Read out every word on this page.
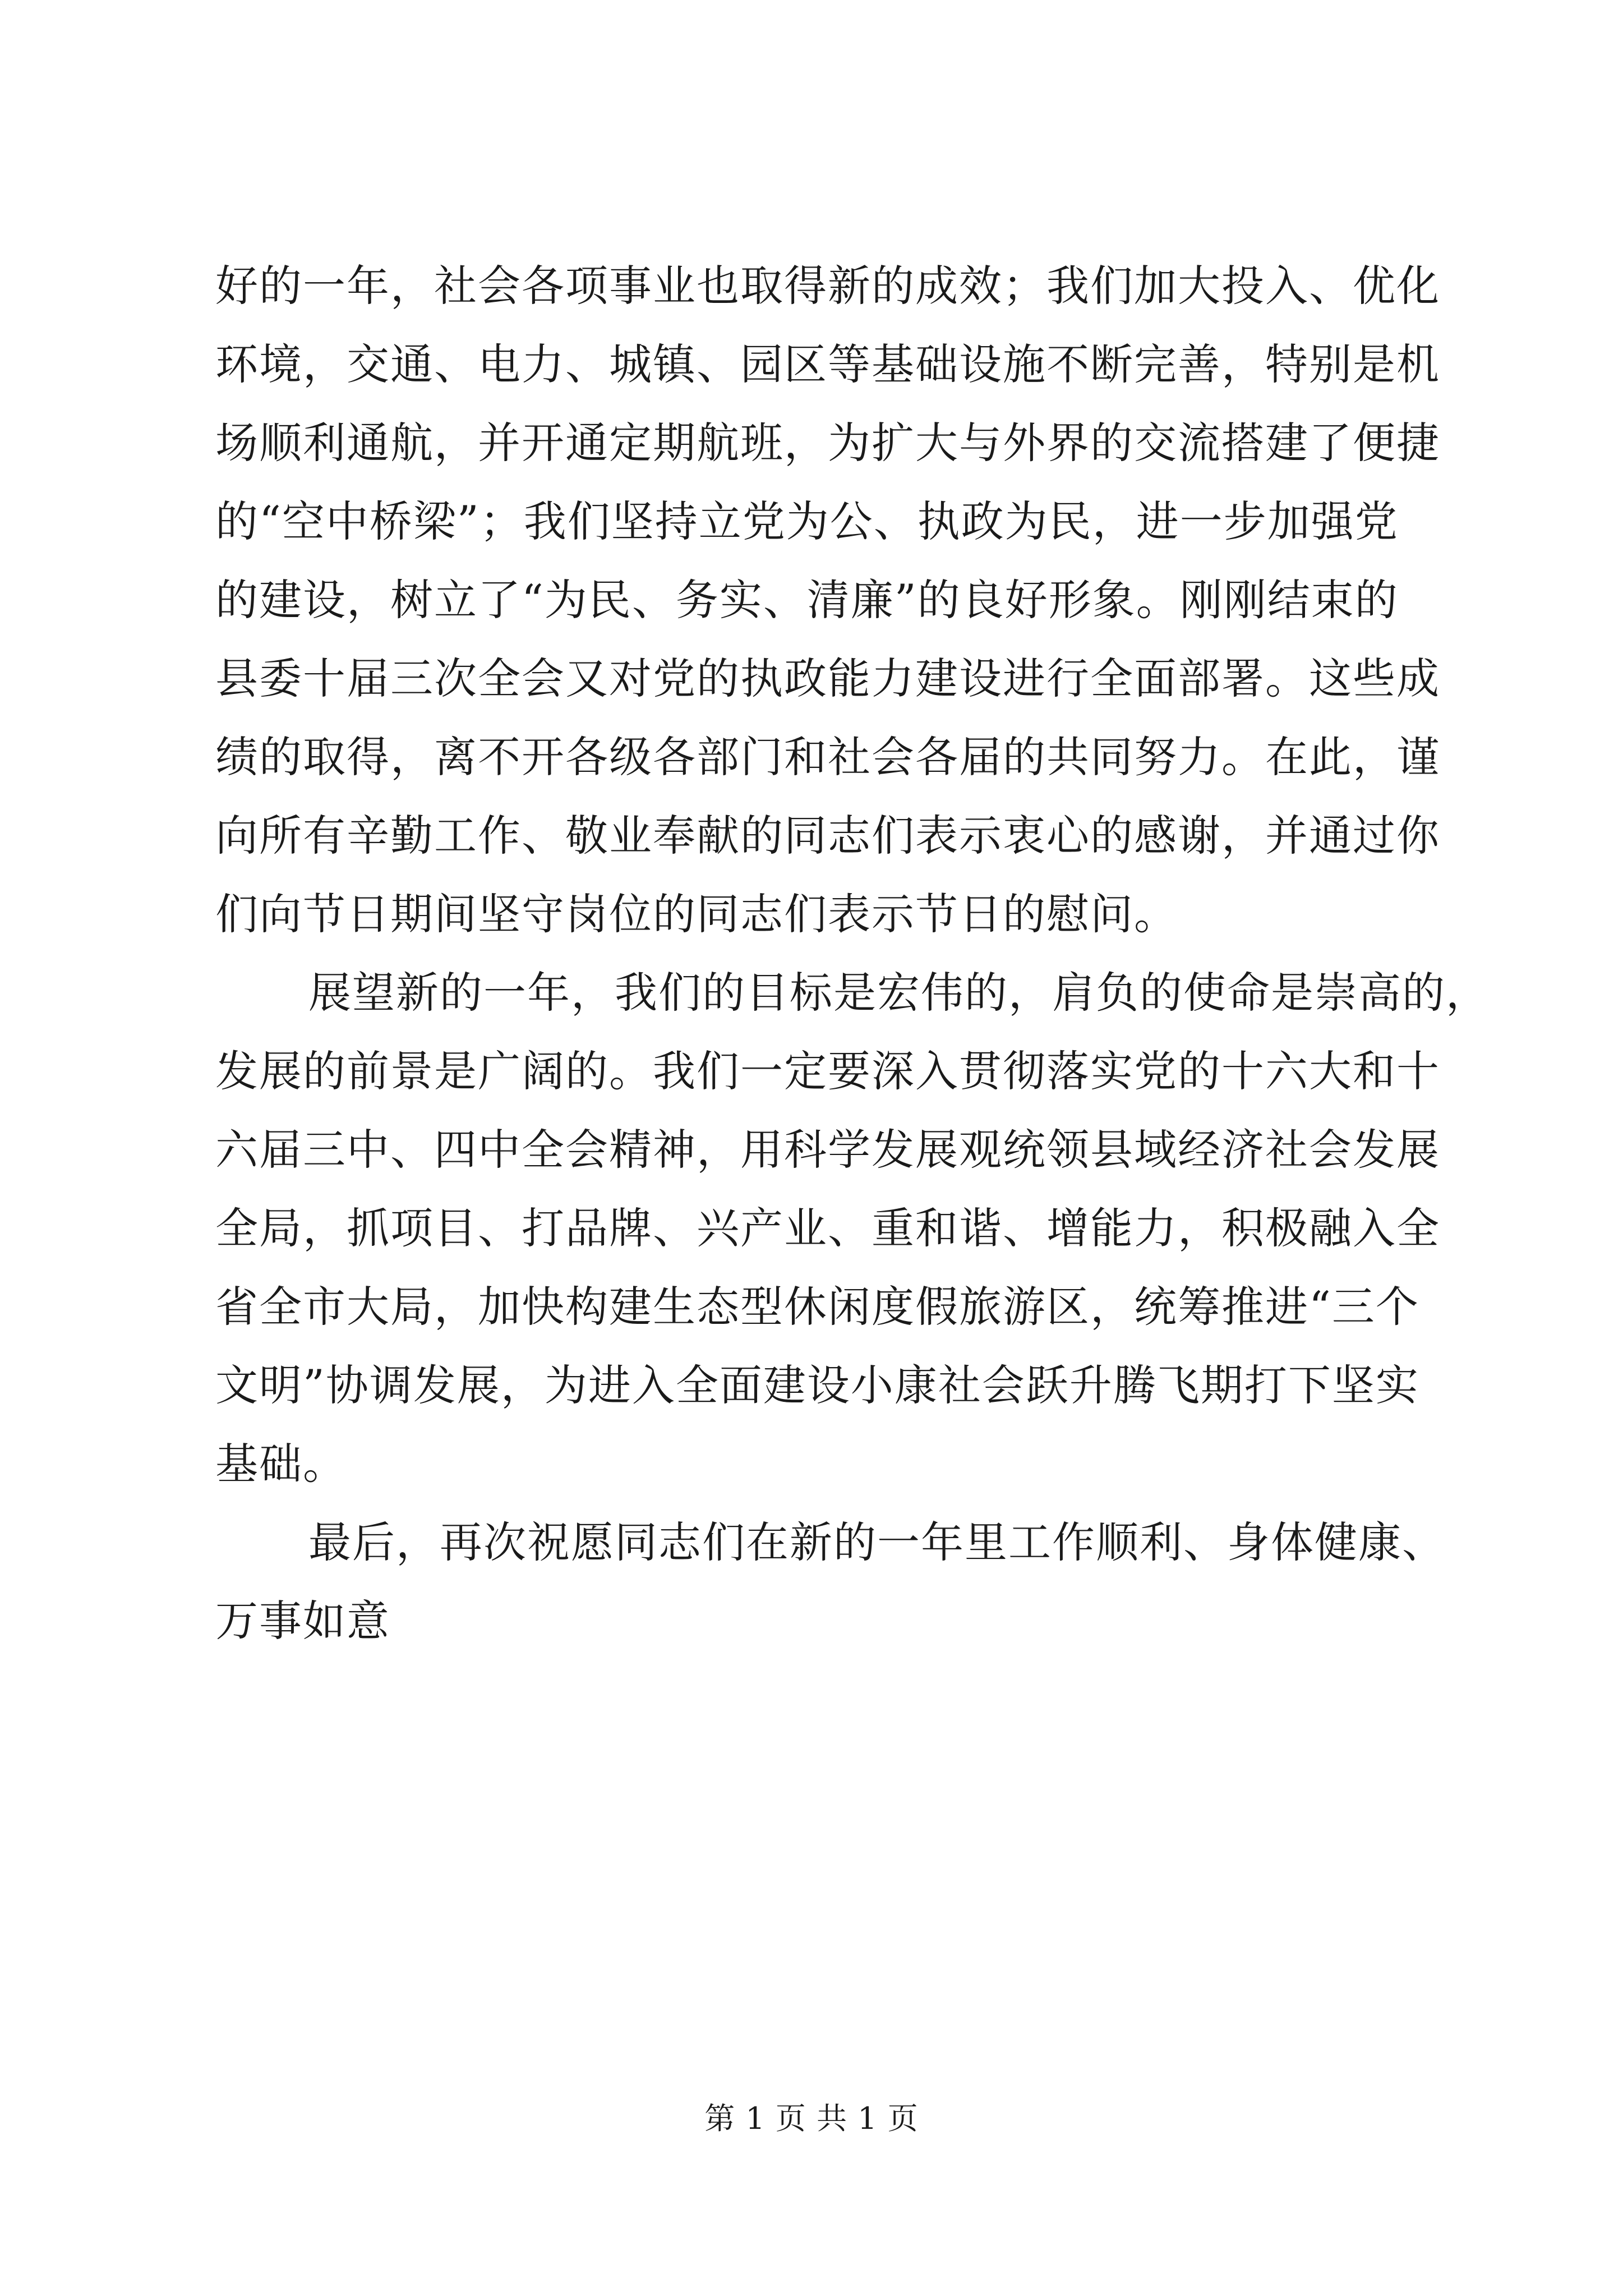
好的一年，社会各项事业也取得新的成效；我们加大投入、优化
环境，交通、电力、城镇、园区等基础设施不断完善，特别是机
场顺利通航，并开通定期航班，为扩大与外界的交流搭建了便捷
的“空中桥梁”；我们坚持立党为公、执政为民，进一步加强党
的建设，树立了“为民、务实、清廉”的良好形象。刚刚结束的
县委十届三次全会又对党的执政能力建设进行全面部署。这些成
绩的取得，离不开各级各部门和社会各届的共同努力。在此，谨
向所有辛勤工作、敬业奉献的同志们表示衷心的感谢，并通过你
们向节日期间坚守岗位的同志们表示节日的慰问。
展望新的一年，我们的目标是宏伟的，肩负的使命是崇高的，
发展的前景是广阔的。我们一定要深入贯彻落实党的十六大和十
六届三中、四中全会精神，用科学发展观统领县域经济社会发展
全局，抓项目、打品牌、兴产业、重和谐、增能力，积极融入全
省全市大局，加快构建生态型休闲度假旅游区，统筹推进“三个
文明”协调发展，为进入全面建设小康社会跃升腾飞期打下坚实
基础。
最后，再次祝愿同志们在新的一年里工作顺利、身体健康、
万事如意
第 1 页 共 1 页
